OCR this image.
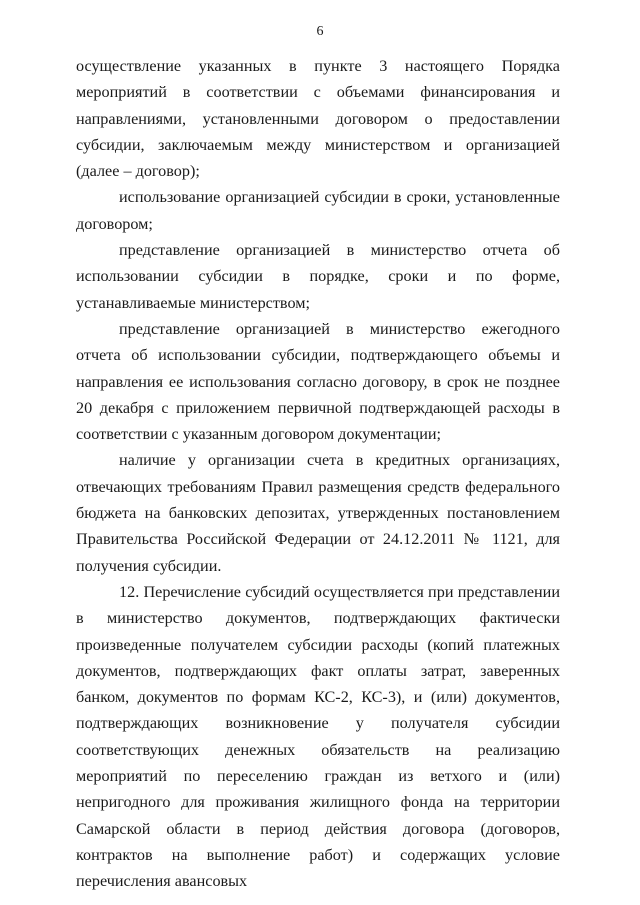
6

осуществление указанных в пункте 3 настоящего Порядка мероприятий в соответствии с объемами финансирования и направлениями, установленными договором о предоставлении субсидии, заключаемым между министерством и организацией (далее – договор);

использование организацией субсидии в сроки, установленные договором;

представление организацией в министерство отчета об использовании субсидии в порядке, сроки и по форме, устанавливаемые министерством;

представление организацией в министерство ежегодного отчета об использовании субсидии, подтверждающего объемы и направления ее использования согласно договору, в срок не позднее 20 декабря с приложением первичной подтверждающей расходы в соответствии с указанным договором документации;

наличие у организации счета в кредитных организациях, отвечающих требованиям Правил размещения средств федерального бюджета на банковских депозитах, утвержденных постановлением Правительства Российской Федерации от 24.12.2011 № 1121, для получения субсидии.

12. Перечисление субсидий осуществляется при представлении в министерство документов, подтверждающих фактически произведенные получателем субсидии расходы (копий платежных документов, подтверждающих факт оплаты затрат, заверенных банком, документов по формам КС-2, КС-3), и (или) документов, подтверждающих возникновение у получателя субсидии соответствующих денежных обязательств на реализацию мероприятий по переселению граждан из ветхого и (или) непригодного для проживания жилищного фонда на территории Самарской области в период действия договора (договоров, контрактов на выполнение работ) и содержащих условие перечисления авансовых
